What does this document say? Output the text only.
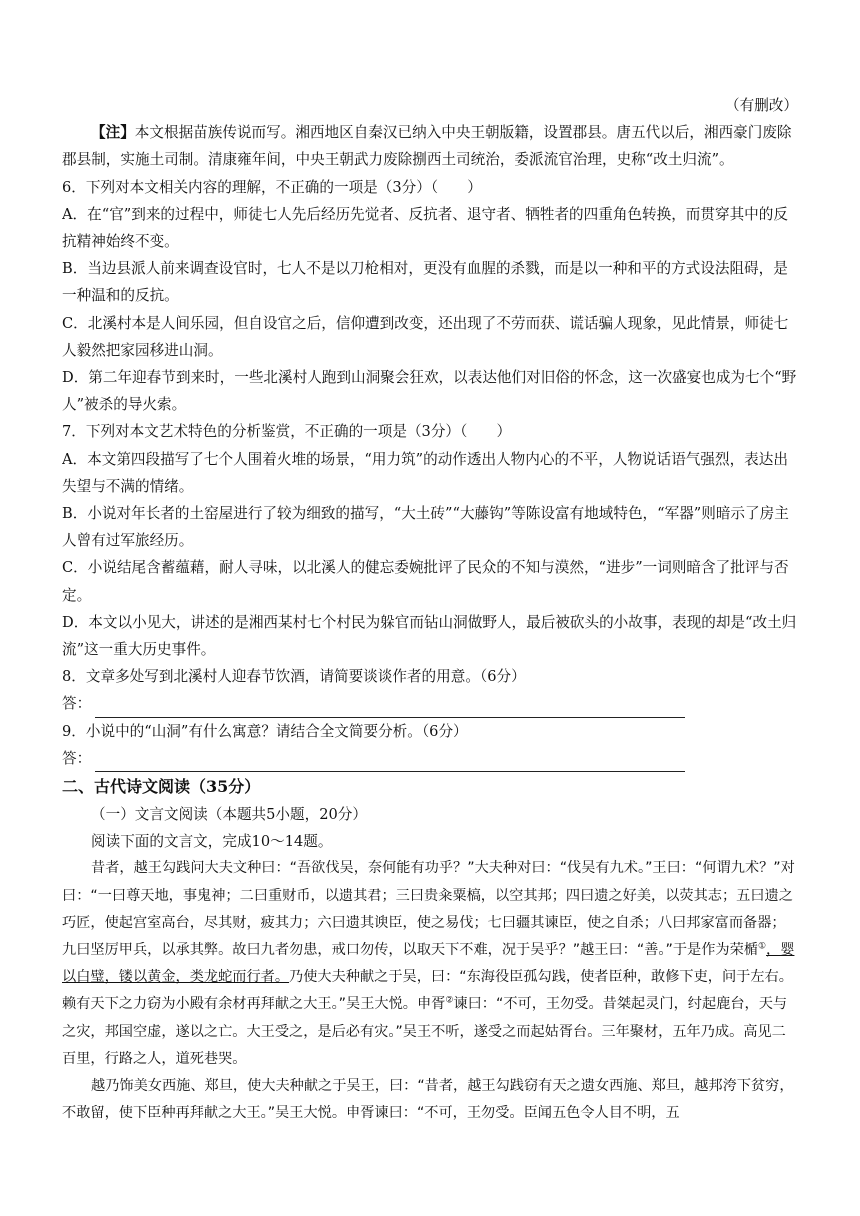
（有删改）
【注】本文根据苗族传说而写。湘西地区自秦汉已纳入中央王朝版籍，设置郡县。唐五代以后，湘西豪门废除郡县制，实施土司制。清康雍年间，中央王朝武力废除捌西土司统治，委派流官治理，史称“改土归流”。
6．下列对本文相关内容的理解，不正确的一项是（3分）（　　）
A．在“官”到来的过程中，师徒七人先后经历先觉者、反抗者、退守者、牺牲者的四重角色转换，而贯穿其中的反抗精神始终不变。
B．当边县派人前来调查设官时，七人不是以刀枪相对，更没有血腥的杀戮，而是以一种和平的方式设法阻碍，是一种温和的反抗。
C．北溪村本是人间乐园，但自设官之后，信仰遭到改变，还出现了不劳而获、谎话骗人现象，见此情景，师徒七人毅然把家园移进山洞。
D．第二年迎春节到来时，一些北溪村人跑到山洞聚会狂欢，以表达他们对旧俗的怀念，这一次盛宴也成为七个“野人”被杀的导火索。
7．下列对本文艺术特色的分析鉴赏，不正确的一项是（3分）（　　）
A．本文第四段描写了七个人围着火堆的场景，“用力筑”的动作透出人物内心的不平，人物说话语气强烈，表达出失望与不满的情绪。
B．小说对年长者的土窑屋进行了较为细致的描写，“大土砖”“大藤钩”等陈设富有地域特色，“军器”则暗示了房主人曾有过军旅经历。
C．小说结尾含蓄蕴藉，耐人寻味，以北溪人的健忘委婉批评了民众的不知与漠然，“进步”一词则暗含了批评与否定。
D．本文以小见大，讲述的是湘西某村七个村民为躲官而钻山洞做野人，最后被砍头的小故事，表现的却是“改土归流”这一重大历史事件。
8．文章多处写到北溪村人迎春节饮酒，请简要谈谈作者的用意。（6分）
答：
9．小说中的“山洞”有什么寓意？请结合全文简要分析。（6分）
答：
二、古代诗文阅读（35分）
（一）文言文阅读（本题共5小题，20分）
阅读下面的文言文，完成10～14题。
昔者，越王勾践问大夫文种曰：“吾欲伐吴，奈何能有功乎？”大夫种对曰：“伐吴有九术。”王曰：“何谓九术？”对曰：“一曰尊天地，事鬼神；二曰重财币，以遗其君；三曰贵籴粟槁，以空其邦；四曰遗之好美，以荧其志；五曰遗之巧匠，使起宫室高台，尽其财，疲其力；六曰遗其谀臣，使之易伐；七曰疆其谏臣，使之自杀；八曰邦家富而备器；九曰坚厉甲兵，以承其弊。故曰九者勿患，戒口勿传，以取天下不难，况于吴乎？”越王曰：“善。”于是作为荣楯①，婴以白璧，镂以黄金，类龙蛇而行者。乃使大夫种献之于吴，曰：“东海役臣孤勾践，使者臣种，敢修下吏，问于左右。赖有天下之力窃为小殿有余材再拜献之大王。”吴王大悦。申胥②谏曰：“不可，王勿受。昔桀起灵门，纣起鹿台，天与之灾，邦国空虚，遂以之亡。大王受之，是后必有灾。”吴王不听，遂受之而起姑胥台。三年聚材，五年乃成。高见二百里，行路之人，道死巷哭。
越乃饰美女西施、郑旦，使大夫种献之于吴王，曰：“昔者，越王勾践窃有天之遗女西施、郑旦，越邦洿下贫穷，不敢留，使下臣种再拜献之大王。”吴王大悦。申胥谏曰：“不可，王勿受。臣闻五色令人目不明，五
